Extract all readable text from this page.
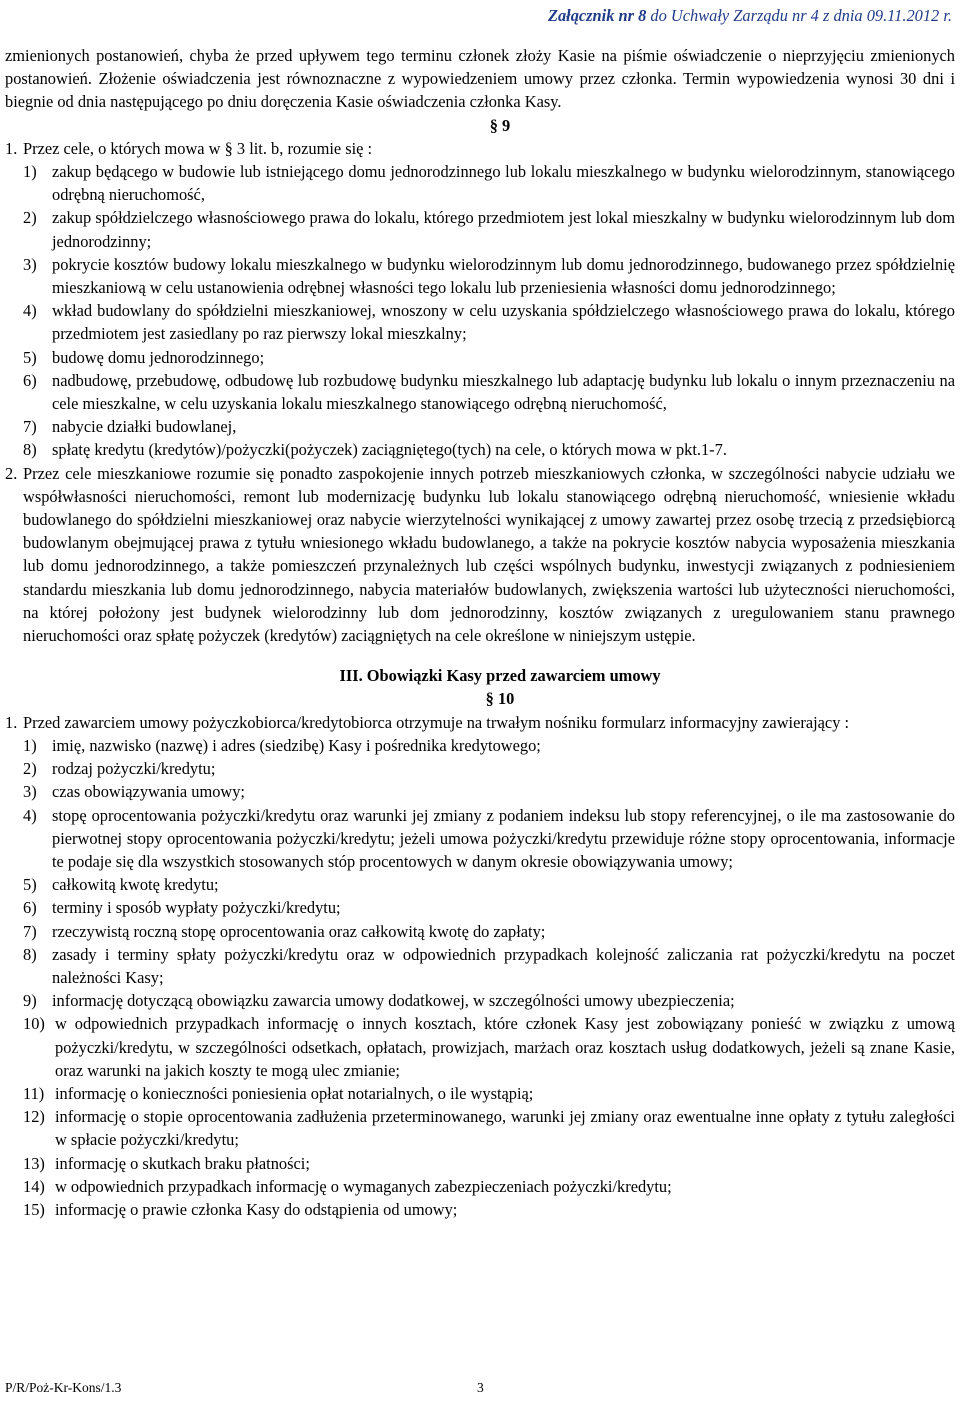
Załącznik nr 8 do Uchwały Zarządu nr 4 z dnia 09.11.2012 r.

zmienionych postanowień, chyba że przed upływem tego terminu członek złoży Kasie na piśmie oświadczenie o nieprzyjęciu zmienionych postanowień. Złożenie oświadczenia jest równoznaczne z wypowiedzeniem umowy przez członka. Termin wypowiedzenia wynosi 30 dni i biegnie od dnia następującego po dniu doręczenia Kasie oświadczenia członka Kasy.

§ 9

1. Przez cele, o których mowa w § 3 lit. b, rozumie się :

1) zakup będącego w budowie lub istniejącego domu jednorodzinnego lub lokalu mieszkalnego w budynku wielorodzinnym, stanowiącego odrębną nieruchomość,

2) zakup spółdzielczego własnościowego prawa do lokalu, którego przedmiotem jest lokal mieszkalny w budynku wielorodzinnym lub dom jednorodzinny;

3) pokrycie kosztów budowy lokalu mieszkalnego w budynku wielorodzinnym lub domu jednorodzinnego, budowanego przez spółdzielnię mieszkaniową w celu ustanowienia odrębnej własności tego lokalu lub przeniesienia własności domu jednorodzinnego;

4) wkład budowlany do spółdzielni mieszkaniowej, wnoszony w celu uzyskania spółdzielczego własnościowego prawa do lokalu, którego przedmiotem jest zasiedlany po raz pierwszy lokal mieszkalny;

5) budowę domu jednorodzinnego;

6) nadbudowę, przebudowę, odbudowę lub rozbudowę budynku mieszkalnego lub adaptację budynku lub lokalu o innym przeznaczeniu na cele mieszkalne, w celu uzyskania lokalu mieszkalnego stanowiącego odrębną nieruchomość,

7) nabycie działki budowlanej,

8) spłatę kredytu (kredytów)/pożyczki(pożyczek) zaciągniętego(tych) na cele, o których mowa w pkt.1-7.

2. Przez cele mieszkaniowe rozumie się ponadto zaspokojenie innych potrzeb mieszkaniowych członka, w szczególności nabycie udziału we współwłasności nieruchomości, remont lub modernizację budynku lub lokalu stanowiącego odrębną nieruchomość, wniesienie wkładu budowlanego do spółdzielni mieszkaniowej oraz nabycie wierzytelności wynikającej z umowy zawartej przez osobę trzecią z przedsiębiorcą budowlanym obejmującej prawa z tytułu wniesionego wkładu budowlanego, a także na pokrycie kosztów nabycia wyposażenia mieszkania lub domu jednorodzinnego, a także pomieszczeń przynależnych lub części wspólnych budynku, inwestycji związanych z podniesieniem standardu mieszkania lub domu jednorodzinnego, nabycia materiałów budowlanych, zwiększenia wartości lub użyteczności nieruchomości, na której położony jest budynek wielorodzinny lub dom jednorodzinny, kosztów związanych z uregulowaniem stanu prawnego nieruchomości oraz spłatę pożyczek (kredytów) zaciągniętych na cele określone w niniejszym ustępie.

III. Obowiązki Kasy przed zawarciem umowy

§ 10

1. Przed zawarciem umowy pożyczkobiorca/kredytobiorca otrzymuje na trwałym nośniku formularz informacyjny zawierający :

1) imię, nazwisko (nazwę) i adres (siedzibę) Kasy i pośrednika kredytowego;

2) rodzaj pożyczki/kredytu;

3) czas obowiązywania umowy;

4) stopę oprocentowania pożyczki/kredytu oraz warunki jej zmiany z podaniem indeksu lub stopy referencyjnej, o ile ma zastosowanie do pierwotnej stopy oprocentowania pożyczki/kredytu; jeżeli umowa pożyczki/kredytu przewiduje różne stopy oprocentowania, informacje te podaje się dla wszystkich stosowanych stóp procentowych w danym okresie obowiązywania umowy;

5) całkowitą kwotę kredytu;

6) terminy i sposób wypłaty pożyczki/kredytu;

7) rzeczywistą roczną stopę oprocentowania oraz całkowitą kwotę do zapłaty;

8) zasady i terminy spłaty pożyczki/kredytu oraz w odpowiednich przypadkach kolejność zaliczania rat pożyczki/kredytu na poczet należności Kasy;

9) informację dotyczącą obowiązku zawarcia umowy dodatkowej, w szczególności umowy ubezpieczenia;

10) w odpowiednich przypadkach informację o innych kosztach, które członek Kasy jest zobowiązany ponieść w związku z umową pożyczki/kredytu, w szczególności odsetkach, opłatach, prowizjach, marżach oraz kosztach usług dodatkowych, jeżeli są znane Kasie, oraz warunki na jakich koszty te mogą ulec zmianie;

11) informację o konieczności poniesienia opłat notarialnych, o ile wystąpią;

12) informację o stopie oprocentowania zadłużenia przeterminowanego, warunki jej zmiany oraz ewentualne inne opłaty z tytułu zaległości w spłacie pożyczki/kredytu;

13) informację o skutkach braku płatności;

14) w odpowiednich przypadkach informację o wymaganych zabezpieczeniach pożyczki/kredytu;

15) informację o prawie członka Kasy do odstąpienia od umowy;

P/R/Poż-Kr-Kons/1.3	3
